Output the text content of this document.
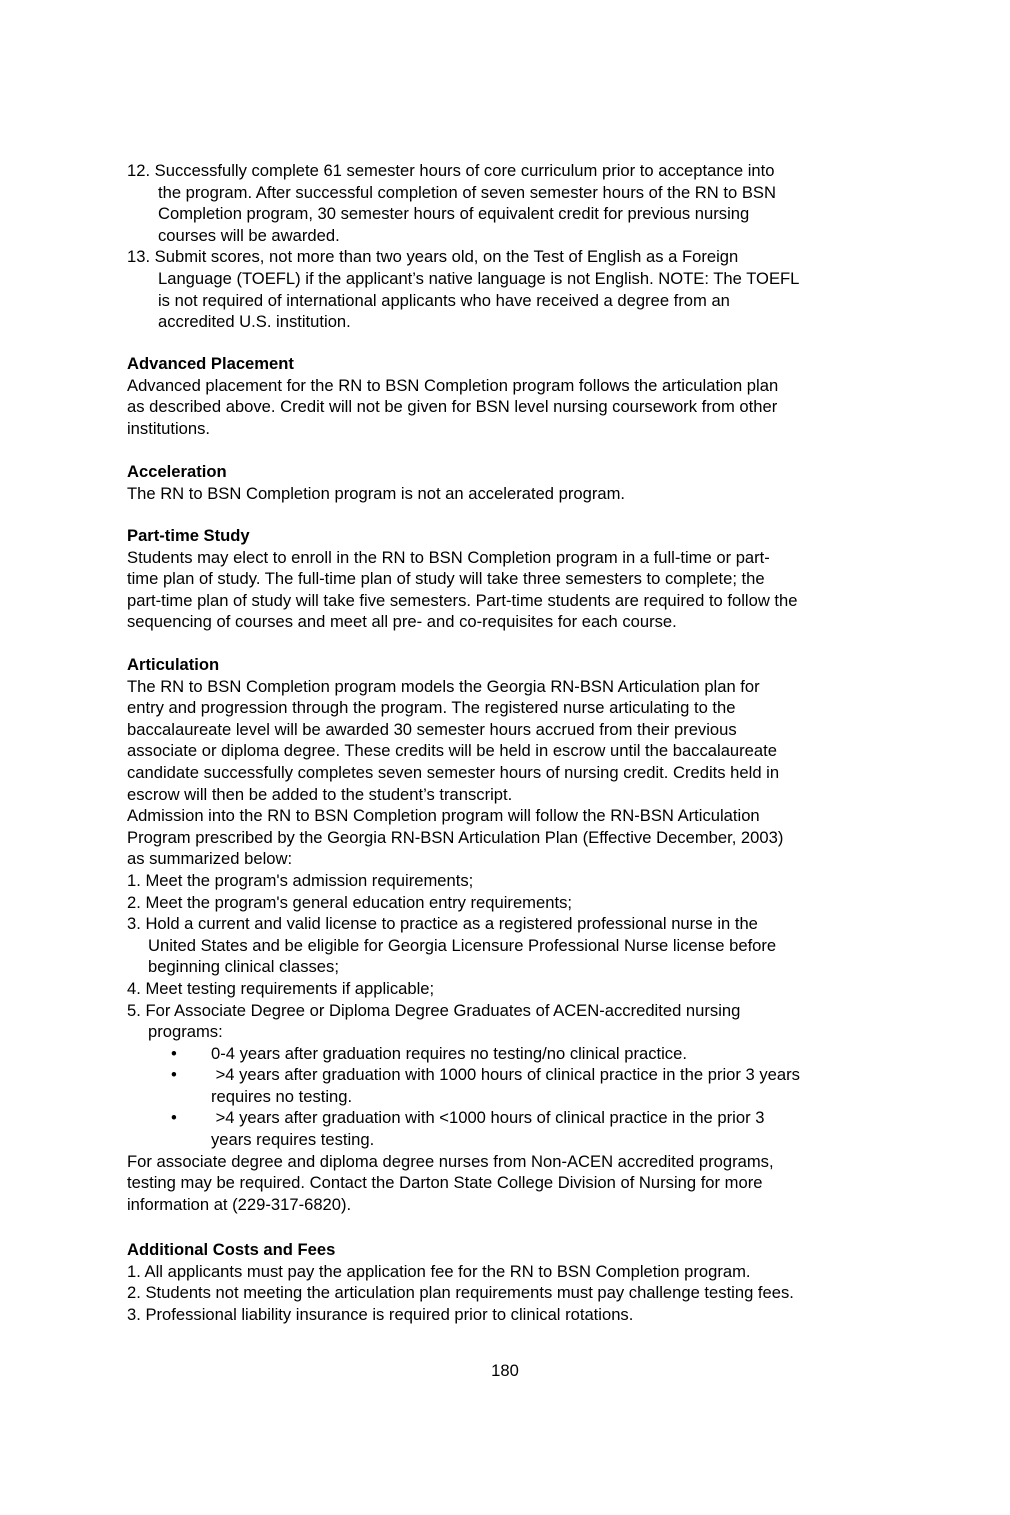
12. Successfully complete 61 semester hours of core curriculum prior to acceptance into
the program. After successful completion of seven semester hours of the RN to BSN
Completion program, 30 semester hours of equivalent credit for previous nursing
courses will be awarded.
13. Submit scores, not more than two years old, on the Test of English as a Foreign
Language (TOEFL) if the applicant’s native language is not English. NOTE: The TOEFL
is not required of international applicants who have received a degree from an
accredited U.S. institution.
Advanced Placement
Advanced placement for the RN to BSN Completion program follows the articulation plan
as described above. Credit will not be given for BSN level nursing coursework from other
institutions.
Acceleration
The RN to BSN Completion program is not an accelerated program.
Part-time Study
Students may elect to enroll in the RN to BSN Completion program in a full-time or part-
time plan of study. The full-time plan of study will take three semesters to complete; the
part-time plan of study will take five semesters. Part-time students are required to follow the
sequencing of courses and meet all pre- and co-requisites for each course.
Articulation
The RN to BSN Completion program models the Georgia RN-BSN Articulation plan for
entry and progression through the program. The registered nurse articulating to the
baccalaureate level will be awarded 30 semester hours accrued from their previous
associate or diploma degree. These credits will be held in escrow until the baccalaureate
candidate successfully completes seven semester hours of nursing credit. Credits held in
escrow will then be added to the student’s transcript.
Admission into the RN to BSN Completion program will follow the RN-BSN Articulation
Program prescribed by the Georgia RN-BSN Articulation Plan (Effective December, 2003)
as summarized below:
1. Meet the program's admission requirements;
2. Meet the program's general education entry requirements;
3. Hold a current and valid license to practice as a registered professional nurse in the
United States and be eligible for Georgia Licensure Professional Nurse license before
beginning clinical classes;
4. Meet testing requirements if applicable;
5. For Associate Degree or Diploma Degree Graduates of ACEN-accredited nursing
programs:
•	0-4 years after graduation requires no testing/no clinical practice.
•	>4 years after graduation with 1000 hours of clinical practice in the prior 3 years
requires no testing.
•	>4 years after graduation with <1000 hours of clinical practice in the prior 3
years requires testing.
For associate degree and diploma degree nurses from Non-ACEN accredited programs,
testing may be required. Contact the Darton State College Division of Nursing for more
information at (229-317-6820).
Additional Costs and Fees
1. All applicants must pay the application fee for the RN to BSN Completion program.
2. Students not meeting the articulation plan requirements must pay challenge testing fees.
3. Professional liability insurance is required prior to clinical rotations.
180
